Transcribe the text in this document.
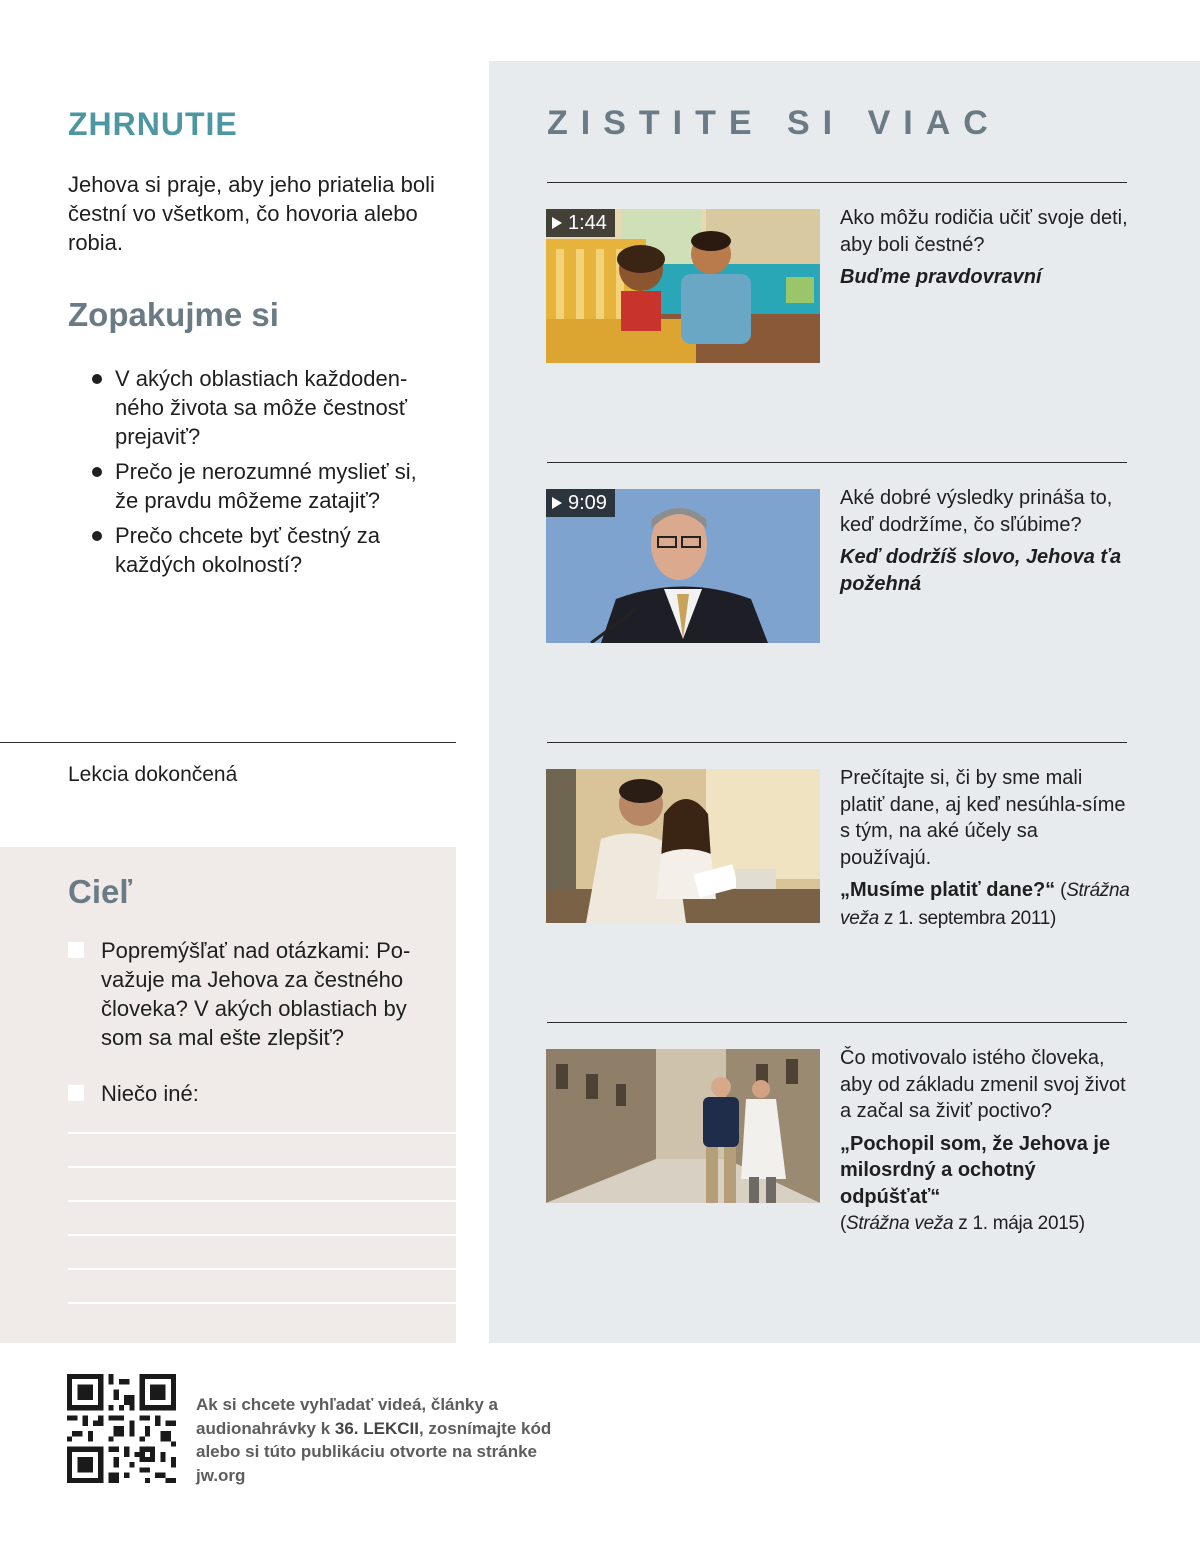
ZHRNUTIE

Jehova si praje, aby jeho priatelia boli čestní vo všetkom, čo hovoria alebo robia.

Zopakujme si
V akých oblastiach každoden-ného života sa môže čestnosť prejaviť?
Prečo je nerozumné myslieť si, že pravdu môžeme zatajiť?
Prečo chcete byť čestný za každých okolností?
Lekcia dokončená
Cieľ
Popremýšľať nad otázkami: Po-važuje ma Jehova za čestného človeka? V akých oblastiach by som sa mal ešte zlepšiť?
Niečo iné:
ZISTITE SI VIAC
1:44	Ako môžu rodičia učiť svoje deti, aby boli čestné?
Buďme pravdovravní
9:09	Aké dobré výsledky prináša to, keď dodržíme, čo sľúbime?
Keď dodržíš slovo, Jehova ťa požehná
Prečítajte si, či by sme mali platiť dane, aj keď nesúhla-síme s tým, na aké účely sa používajú.
„Musíme platiť dane?“ (Strážna veža z 1. septembra 2011)
Čo motivovalo istého človeka, aby od základu zmenil svoj život a začal sa živiť poctivo?
„Pochopil som, že Jehova je milosrdný a ochotný odpúšťať“
(Strážna veža z 1. mája 2015)

Ak si chcete vyhľadať videá, články a audionahrávky k 36. LEKCII, zosnímajte kód alebo si túto publikáciu otvorte na stránke jw.org
